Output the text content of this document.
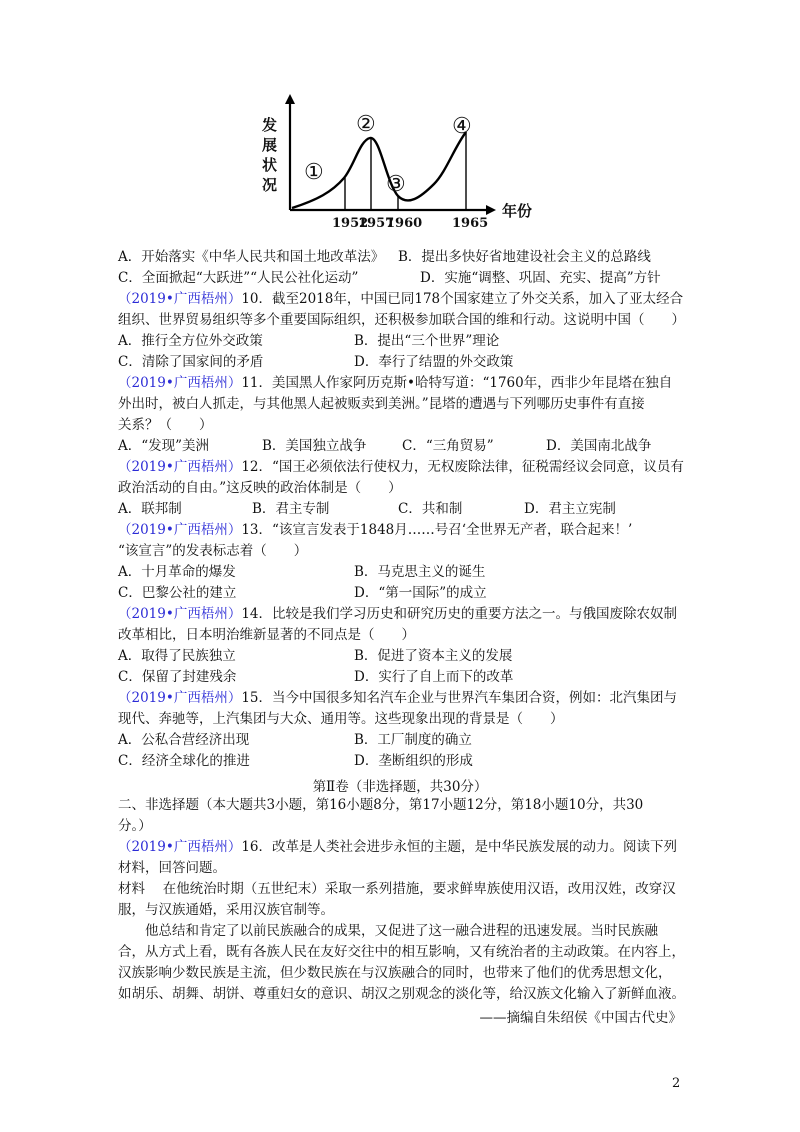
发
展
状
况 ①
②
③
④
1952
1957
1960 1965
年份
A．开始落实《中华人民共和国土地改革法》 B．提出多快好省地建设社会主义的总路线
C．全面掀起“大跃进”“人民公社化运动”	D．实施“调整、巩固、充实、提高”方针
（2019•广西梧州）10．截至2018年，中国已同178个国家建立了外交关系，加入了亚太经合
组织、世界贸易组织等多个重要国际组织，还积极参加联合国的维和行动。这说明中国（　　）
A．推行全方位外交政策	B．提出“三个世界”理论
C．清除了国家间的矛盾	D．奉行了结盟的外交政策
（2019•广西梧州）11．美国黑人作家阿历克斯•哈特写道：“1760年，西非少年昆塔在独自
外出时，被白人抓走，与其他黑人起被贩卖到美洲。”昆塔的遭遇与下列哪历史事件有直接
关系？（　　）
A．“发现”美洲	B．美国独立战争	C．“三角贸易”	D．美国南北战争
（2019•广西梧州）12．“国王必须依法行使权力，无权废除法律，征税需经议会同意，议员有
政治活动的自由。”这反映的政治体制是（　　）
A．联邦制	B．君主专制	C．共和制	D．君主立宪制
（2019•广西梧州）13．“该宣言发表于1848月……号召‘全世界无产者，联合起来！’
“该宣言”的发表标志着（　　）
A．十月革命的爆发	B．马克思主义的诞生
C．巴黎公社的建立	D．“第一国际”的成立
（2019•广西梧州）14．比较是我们学习历史和研究历史的重要方法之一。与俄国废除农奴制
改革相比，日本明治维新显著的不同点是（　　）
A．取得了民族独立	B．促进了资本主义的发展
C．保留了封建残余	D．实行了自上而下的改革
（2019•广西梧州）15．当今中国很多知名汽车企业与世界汽车集团合资，例如：北汽集团与
现代、奔驰等，上汽集团与大众、通用等。这些现象出现的背景是（　　）
A．公私合营经济出现	B．工厂制度的确立
C．经济全球化的推进	D．垄断组织的形成
第Ⅱ卷（非选择题，共30分）
二、非选择题（本大题共3小题，第16小题8分，第17小题12分，第18小题10分，共30
分。）
（2019•广西梧州）16．改革是人类社会进步永恒的主题，是中华民族发展的动力。阅读下列
材料，回答问题。
材料　 在他统治时期（五世纪末）采取一系列措施，要求鲜卑族使用汉语，改用汉姓，改穿汉
服，与汉族通婚，采用汉族官制等。
　　他总结和肯定了以前民族融合的成果，又促进了这一融合进程的迅速发展。当时民族融
合，从方式上看，既有各族人民在友好交往中的相互影响，又有统治者的主动政策。在内容上，
汉族影响少数民族是主流，但少数民族在与汉族融合的同时，也带来了他们的优秀思想文化，
如胡乐、胡舞、胡饼、尊重妇女的意识、胡汉之别观念的淡化等，给汉族文化输入了新鲜血液。
——摘编自朱绍侯《中国古代史》
2
